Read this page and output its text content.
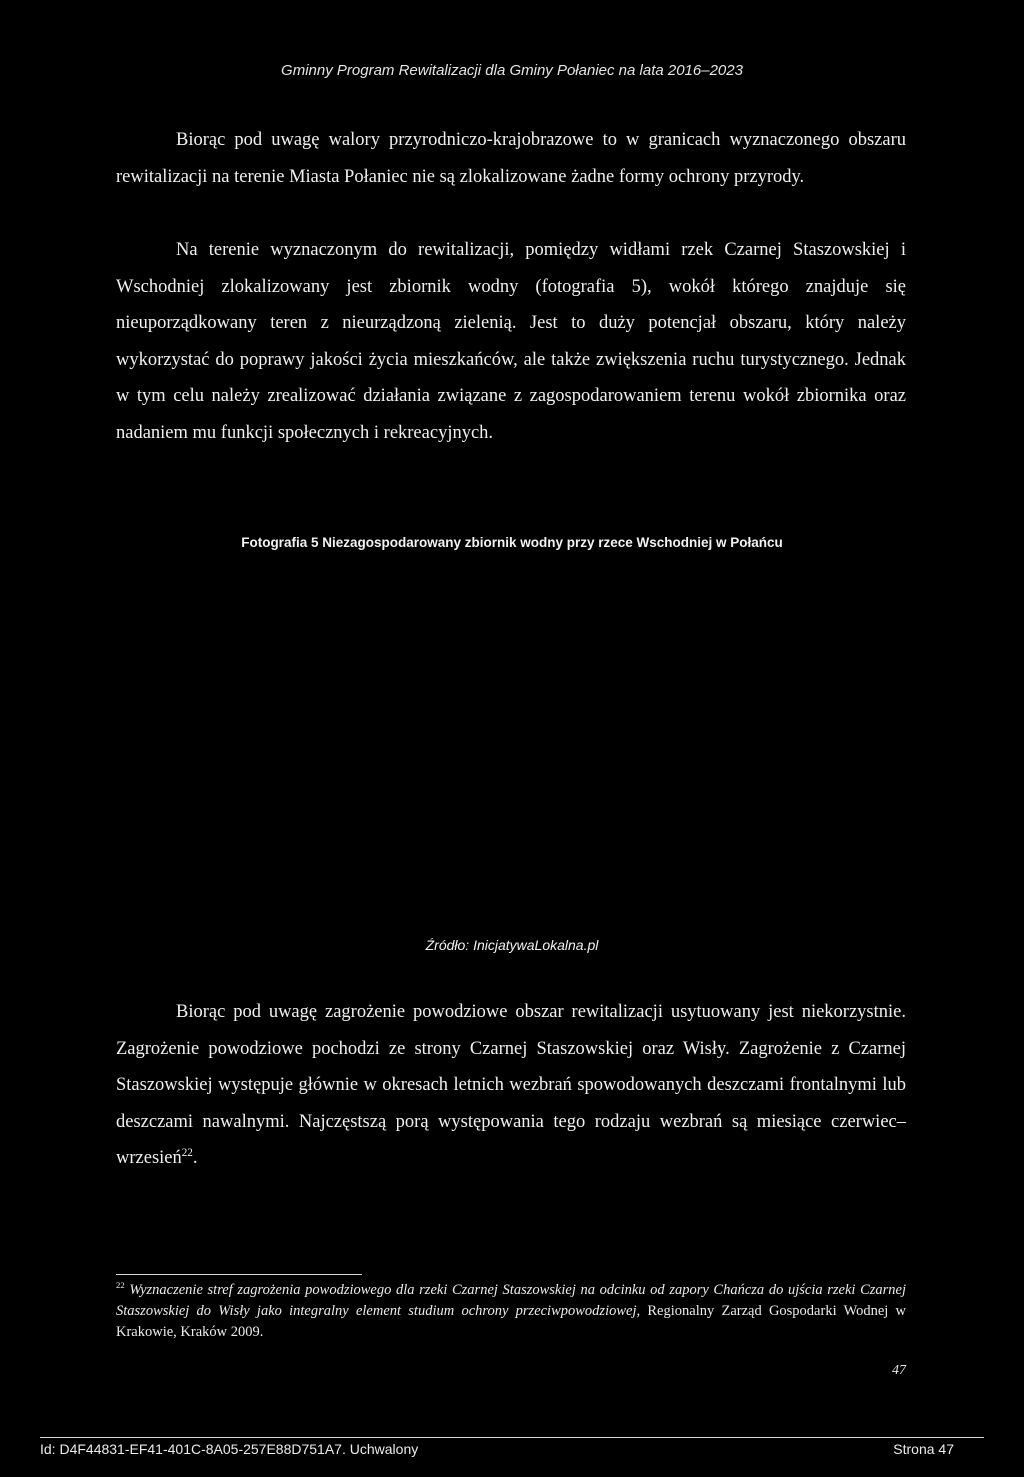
Gminny Program Rewitalizacji dla Gminy Połaniec na lata 2016–2023

Biorąc pod uwagę walory przyrodniczo-krajobrazowe to w granicach wyznaczonego obszaru rewitalizacji na terenie Miasta Połaniec nie są zlokalizowane żadne formy ochrony przyrody.

Na terenie wyznaczonym do rewitalizacji, pomiędzy widłami rzek Czarnej Staszowskiej i Wschodniej zlokalizowany jest zbiornik wodny (fotografia 5), wokół którego znajduje się nieuporządkowany teren z nieurządzoną zielenią. Jest to duży potencjał obszaru, który należy wykorzystać do poprawy jakości życia mieszkańców, ale także zwiększenia ruchu turystycznego. Jednak w tym celu należy zrealizować działania związane z zagospodarowaniem terenu wokół zbiornika oraz nadaniem mu funkcji społecznych i rekreacyjnych.

Fotografia 5 Niezagospodarowany zbiornik wodny przy rzece Wschodniej w Połańcu
Źródło: InicjatywaLokalna.pl

Biorąc pod uwagę zagrożenie powodziowe obszar rewitalizacji usytuowany jest niekorzystnie. Zagrożenie powodziowe pochodzi ze strony Czarnej Staszowskiej oraz Wisły. Zagrożenie z Czarnej Staszowskiej występuje głównie w okresach letnich wezbrań spowodowanych deszczami frontalnymi lub deszczami nawalnymi. Najczęstszą porą występowania tego rodzaju wezbrań są miesiące czerwiec–wrzesień$^{22}$.

$^{22}$ Wyznaczenie stref zagrożenia powodziowego dla rzeki Czarnej Staszowskiej na odcinku od zapory Chańcza do ujścia rzeki Czarnej Staszowskiej do Wisły jako integralny element studium ochrony przeciwpowodziowej, Regionalny Zarząd Gospodarki Wodnej w Krakowie, Kraków 2009.
47
Id: D4F44831-EF41-401C-8A05-257E88D751A7. Uchwalony	Strona 47
